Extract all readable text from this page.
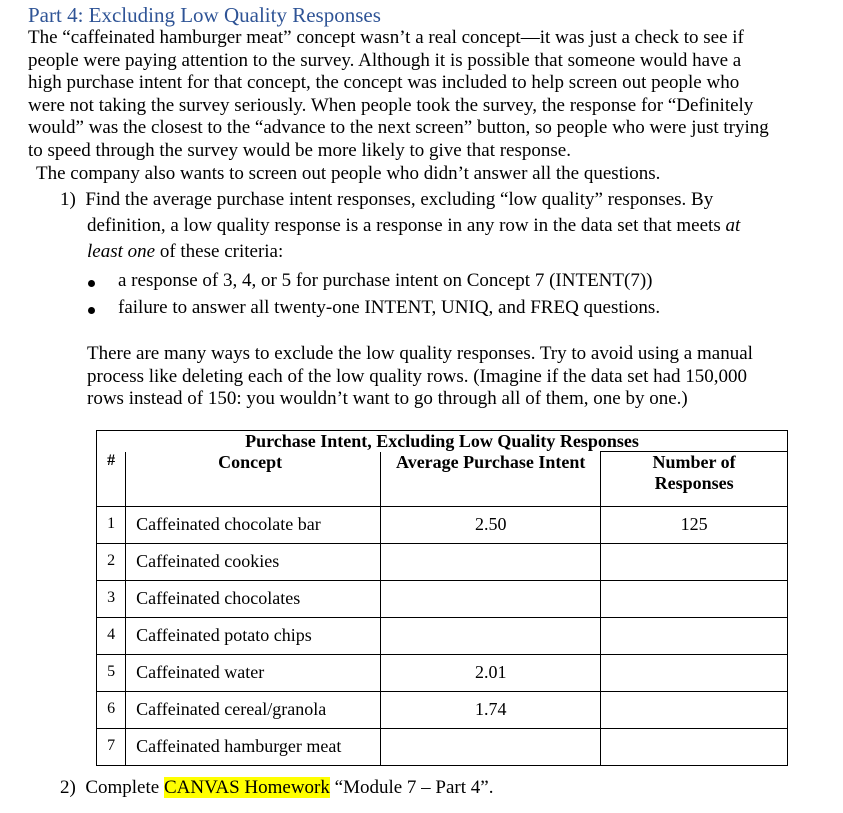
Part 4: Excluding Low Quality Responses
The “caffeinated hamburger meat” concept wasn’t a real concept—it was just a check to see if
people were paying attention to the survey. Although it is possible that someone would have a
high purchase intent for that concept, the concept was included to help screen out people who
were not taking the survey seriously. When people took the survey, the response for “Definitely
would” was the closest to the “advance to the next screen” button, so people who were just trying
to speed through the survey would be more likely to give that response.
The company also wants to screen out people who didn’t answer all the questions.
1) Find the average purchase intent responses, excluding “low quality” responses. By
definition, a low quality response is a response in any row in the data set that meets at
least one of these criteria:
a response of 3, 4, or 5 for purchase intent on Concept 7 (INTENT(7))
failure to answer all twenty-one INTENT, UNIQ, and FREQ questions.
There are many ways to exclude the low quality responses. Try to avoid using a manual
process like deleting each of the low quality rows. (Imagine if the data set had 150,000
rows instead of 150: you wouldn’t want to go through all of them, one by one.)
Purchase Intent, Excluding Low Quality Responses			
#	Concept	Average Purchase Intent	Number of
Responses

1	Caffeinated chocolate bar	2.50	125
2	Caffeinated cookies		
3	Caffeinated chocolates		
4	Caffeinated potato chips		
5	Caffeinated water	2.01	
6	Caffeinated cereal/granola	1.74	
7	Caffeinated hamburger meat		
2) Complete CANVAS Homework “Module 7 – Part 4”.
